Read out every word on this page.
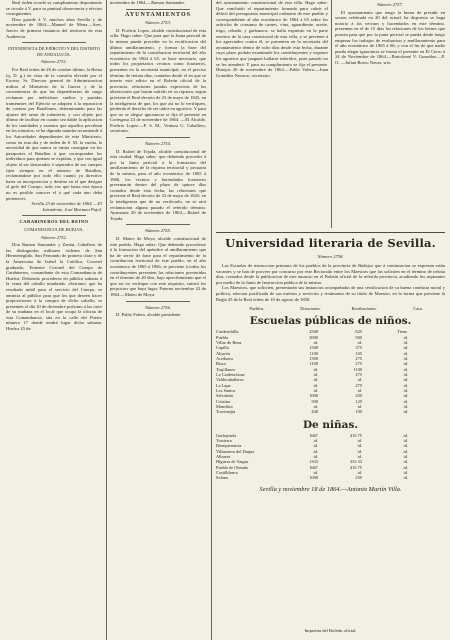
Real órden acordó su cumplimiento disponiendo se circule á V. para su puntual observancia y efectos consiguientes.

Dios guarde á V. muchos años Sevilla y de noviembre de 1864.—Manuel de Mena.—Sres. Jueces de primera instancia del territorio de esta Audiencia.

INTENDENCIA DE EJÉRCITO Y DEL DISTRITO DE ANDALUCÍA.
Número 2751.

Por Real órden de 26 de octubre último, la Reina (q. D. g.) en vista de la consulta elevada por el Excmo. Sr. Director general de Administracion militar al Ministerio de la Guerra y de la conveniencia de que las dependencias de cargo reclaman por individuos sueltos y partidas transeuntes del Ejército se adopten á la reparacion de cuentas por Batallones, determinando para las ajustes del arma de infantería, y con objeto por último de facilitar en cuanto sea dable la aplicacion de los cantidades y asientos que aquellos percibian en los tránsitos, se ha dignado mandar recomiende á los Autoridades dependientes de este Ministerio, como en esta dia y de órden de S. M. la vuelta, la necesidad de que nunca se omita consignar en los pasaportes el Batallon á que corresponden los individuos para quienes se expidan, y que con igual objeto al ser destacados ó separados de sus cuerpos fijen siempre en el número de Batallon, reclamándose por todo ello cuanto ya directivo hasta su incorporacion y destino en el que designe el gefe del Cuerpo, todo vez que hasta esta época no es posible conocer el á qué cada uno deba pertenecer.

Sevilla 23 de noviembre de 1864. —El Intendente, José Mariano Pujol.

CARABINEROS DEL REINO
COMANDANCIA DE HUELVA.
Número 2752.

Don Ramon Santander y Zanón, Caballero de las distinguidas militares órdenes de San Hermenegildo, San Fernando de primera clase y de la Americana de Isabel la Católica, Coronel graduado, Teniente Coronel del Cuerpo de Carabineros, comandante de esta Comandancia de Huelva. Debiendo procederse en pública subasta á la venta del caballo nombrado «Serrano» que ha resultado inútil para el servicio del Cuerpo, se anuncia al público para que los que deseen hacer proposiciones á la compra de dicho caballo, se presenten el día 10 de diciembre próximo á las once de su mañana en el local que ocupa la oficina de esta Comandancia, sita en la calle del Puerto número 17 donde tendrá lugar dicha subasta. Huelva 25 de

noviembre de 1864.—Ramon Santander.

AYUNTAMIENTOS
Número 2753.

D. Porfirio Lopez, alcalde constitucional de esta villa. Hago saber: Que para que la Junta pericial de la misma pueda proceder en la rectificacion del último amillaramiento, y formar la base del repartimiento de la contribucion territorial del año económico de 1864 á 65, se hace necesario, que todos los propietarios vecinos como forasteros, presenten en la secretaría municipal, en el preciso término de treinta días, contados desde el en que se inserte este edicto en el Boletin oficial de la provincia, relaciones juradas expresivas de las alteraciones que hayan sufrido en su riqueza, segun previene el Real decreto de 23 de mayo de 1845, en la inteligencia de que, los que así no lo verifiquen, perderán el derecho de ser oidos en agravios. Y para que no se alegue ignorancia se fija el presente en Cortegana 24 de noviembre de 1864. —El Alcalde, Porfirio Lopez.—P. S. M., Ventura G. Caballero, secretario.

Número 2754.

D. Rafael de Tejada, alcalde constitucional de esta ciudad. Hago saber: que debiendo proceder á por la Junta pericial á la formacion del amillaramiento de la riqueza territorial y pecuaria de la misma, para el año económico de 1865 á 1866, los vecinos y hacendados forasteros presentarán dentro del plazo de quince días contados desde esta fecha, las relaciones que previene el Real decreto de 23 de mayo de 1845; en la inteligencia que de no verificarlo, no se oirá reclamacion alguna pasado el referido término. Ayamonte 20 de noviembre de 1864.—Rafael de Tejada.

Número 2755.

D. Mateo de Moya, alcalde constitucional de este pueblo. Hago saber: Que debiendo procederse á la formacion del apéndice al amillaramiento que ha de servir de base para el repartimiento de la contribucion territorial de este pueblo, en el año económico de 1865 á 1866, se previene á todos los contribuyentes presenten las relaciones prevenidas en el término de 20 días, bajo apercibimiento que el que así no verifique con este requisito, sufrirá los perjuicios que haya lugar. Paterna noviembre 22 de 1864.—Mateo de Moya.

Número 2756.

D. Pablo Falero, alcalde presidente

del ayuntamiento constitucional de esta villa. Hago saber: Que concluido el repartimiento formado para cubrir el déficit del presupuesto municipal ordinario de este pueblo y correspondiente al año económico de 1864 á 65 sobre los artículos de consumo de carnes, vino, aguardiente, aceite, trigo, cebada, y garbanzos, se halla expuesto en la parte exterior de la casa consistorial de esta villa, y se previene á los agraviados contra él, se presenten en la secretaría del ayuntamiento dentro de ocho días desde esta fecha, durante cuyo plazo podrán examinarle los contribuyentes y exponer los agravios que juzguen hallarse inferidos, pues pasado no se les atenderá. Y para su cumplimiento se fija el presente. Hinojos 26 de noviembre de 1864.—Pablo Valera.—Juan González Navarro, secretario.

Número 2757.

El ayuntamiento que tengo la honra de presidir en sesion celebrada en 20 del actual, ha dispuesto se haga notorio á los vecinos y hacendados en este término, presenten en el de 15 días las relaciones de los bienes que posean para que por la junta pericial se pueda desde luego empezar los trabajos de evaluacion y amillaramiento para el año económico de 1865 á 66; y con el fin de que nadie pueda alegar ignorancia se forma el presente en El Cerro á 24 de Noviembre de 1864.—Bartolomé V. González.—P. O. —Julian Bravo Navas, srio.

Universidad literaria de Sevilla.
Número 2758.

Las Escuelas de instruccion primaria de los pueblos de la provincia de Badajoz que á continuacion se expresan están vacantes y se han de proveer por concurso por este Rectorado entre los Maestros que las soliciten en el término de treinta días, contados desde la publicacion de este anuncio en el Boletin oficial de la referida provincia, acudiendo los aspirantes por medio de la Junta de Instruccion pública de la misma.

Los Maestros, que soliciten, presentarán sus instancias acompañadas de una certificacion de su buena conducta moral y política, relacion justificada de sus méritos y servicios y testimonio de su título de Maestro, en la forma que previene la Regla 25 de la Real órden de 10 de agosto de 1858.

Pueblos.	Dotaciones.	Retribuciones.	Casa.
Escuelas públicas de niños.
Cardenchilla	2500	625	Tiene.
Puebla	2000	500	id.
Villar de Rena	id.	id.	id.
Capilla	1500	375	id.
Aljucén	1100	335	id.
Aceduera	1300	275	id.
Risco	1100	275	id.
Trujillanos	id.	1100	id.
La Cardenchosa	id.	275	id.
Valdecaballeros	id.	id.	id.
La Lapa	id.	275	id.
Los Santos	id.	id.	id.
Salvaleón	1000	250	id.
Cristina	500	125	id.
Manchita	id.	id.	id.
Torremejía	440	100	id.
De niñas.
Garbayuela	1667	416 75	id.
Trasierra	id.	id.	id.
Bienquerencia	id.	id.	id.
Villanueva del Duque	id.	id.	id.
Albuera	id.	id.	id.
Higuera de Vargas	1333	333 33	id.
Puebla de Obando	1667	416 75	id.
Castilblanco	id.	id.	id.
Solana	1000	250	id.
Sevilla y noviembre 18 de 1864.—Antonio Martín Villa.
Imprenta del Boletin oficial.
